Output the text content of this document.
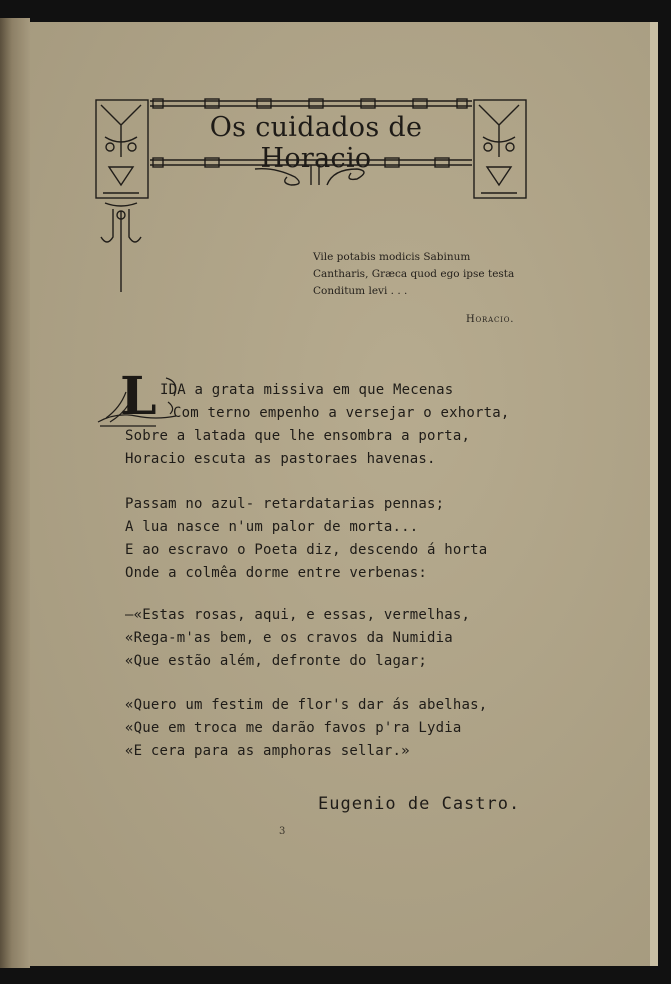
Os cuidados de Horacio
Vile potabis modicis Sabinum
Cantharis, Græca quod ego ipse testa
Conditum levi . . .
Horacio.
L IDA a grata missiva em que Mecenas
Com terno empenho a versejar o exhorta,
Sobre a latada que lhe ensombra a porta,
Horacio escuta as pastoraes havenas.
Passam no azul- retardatarias pennas;
A lua nasce n'um palor de morta...
E ao escravo o Poeta diz, descendo á horta
Onde a colmêa dorme entre verbenas:
—«Estas rosas, aqui, e essas, vermelhas,
«Rega-m'as bem, e os cravos da Numidia
«Que estão além, defronte do lagar;
«Quero um festim de flor's dar ás abelhas,
«Que em troca me darão favos p'ra Lydia
«E cera para as amphoras sellar.»
Eugenio de Castro.
3
